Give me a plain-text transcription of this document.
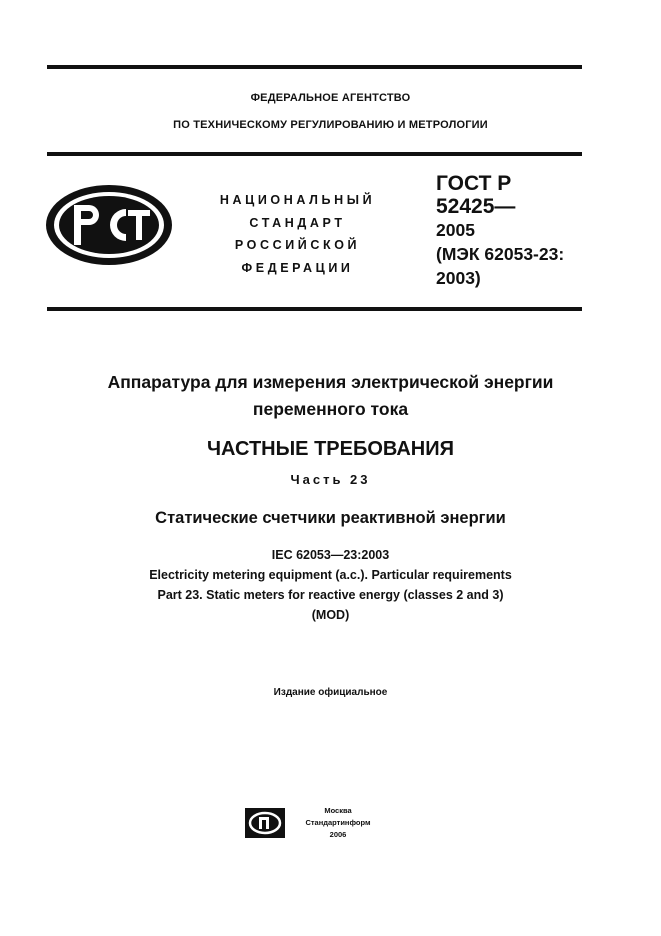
ФЕДЕРАЛЬНОЕ АГЕНТСТВО
ПО ТЕХНИЧЕСКОМУ РЕГУЛИРОВАНИЮ И МЕТРОЛОГИИ
НАЦИОНАЛЬНЫЙ
СТАНДАРТ
РОССИЙСКОЙ
ФЕДЕРАЦИИ
ГОСТ Р
52425—
2005
(МЭК 62053-23:
2003)
Аппаратура для измерения электрической энергии
переменного тока
ЧАСТНЫЕ ТРЕБОВАНИЯ
Часть 23
Статические счетчики реактивной энергии
IEC 62053—23:2003
Electricity metering equipment (a.c.). Particular requirements
Part 23. Static meters for reactive energy (classes 2 and 3)
(MOD)
Издание официальное
Москва
Стандартинформ
2006
